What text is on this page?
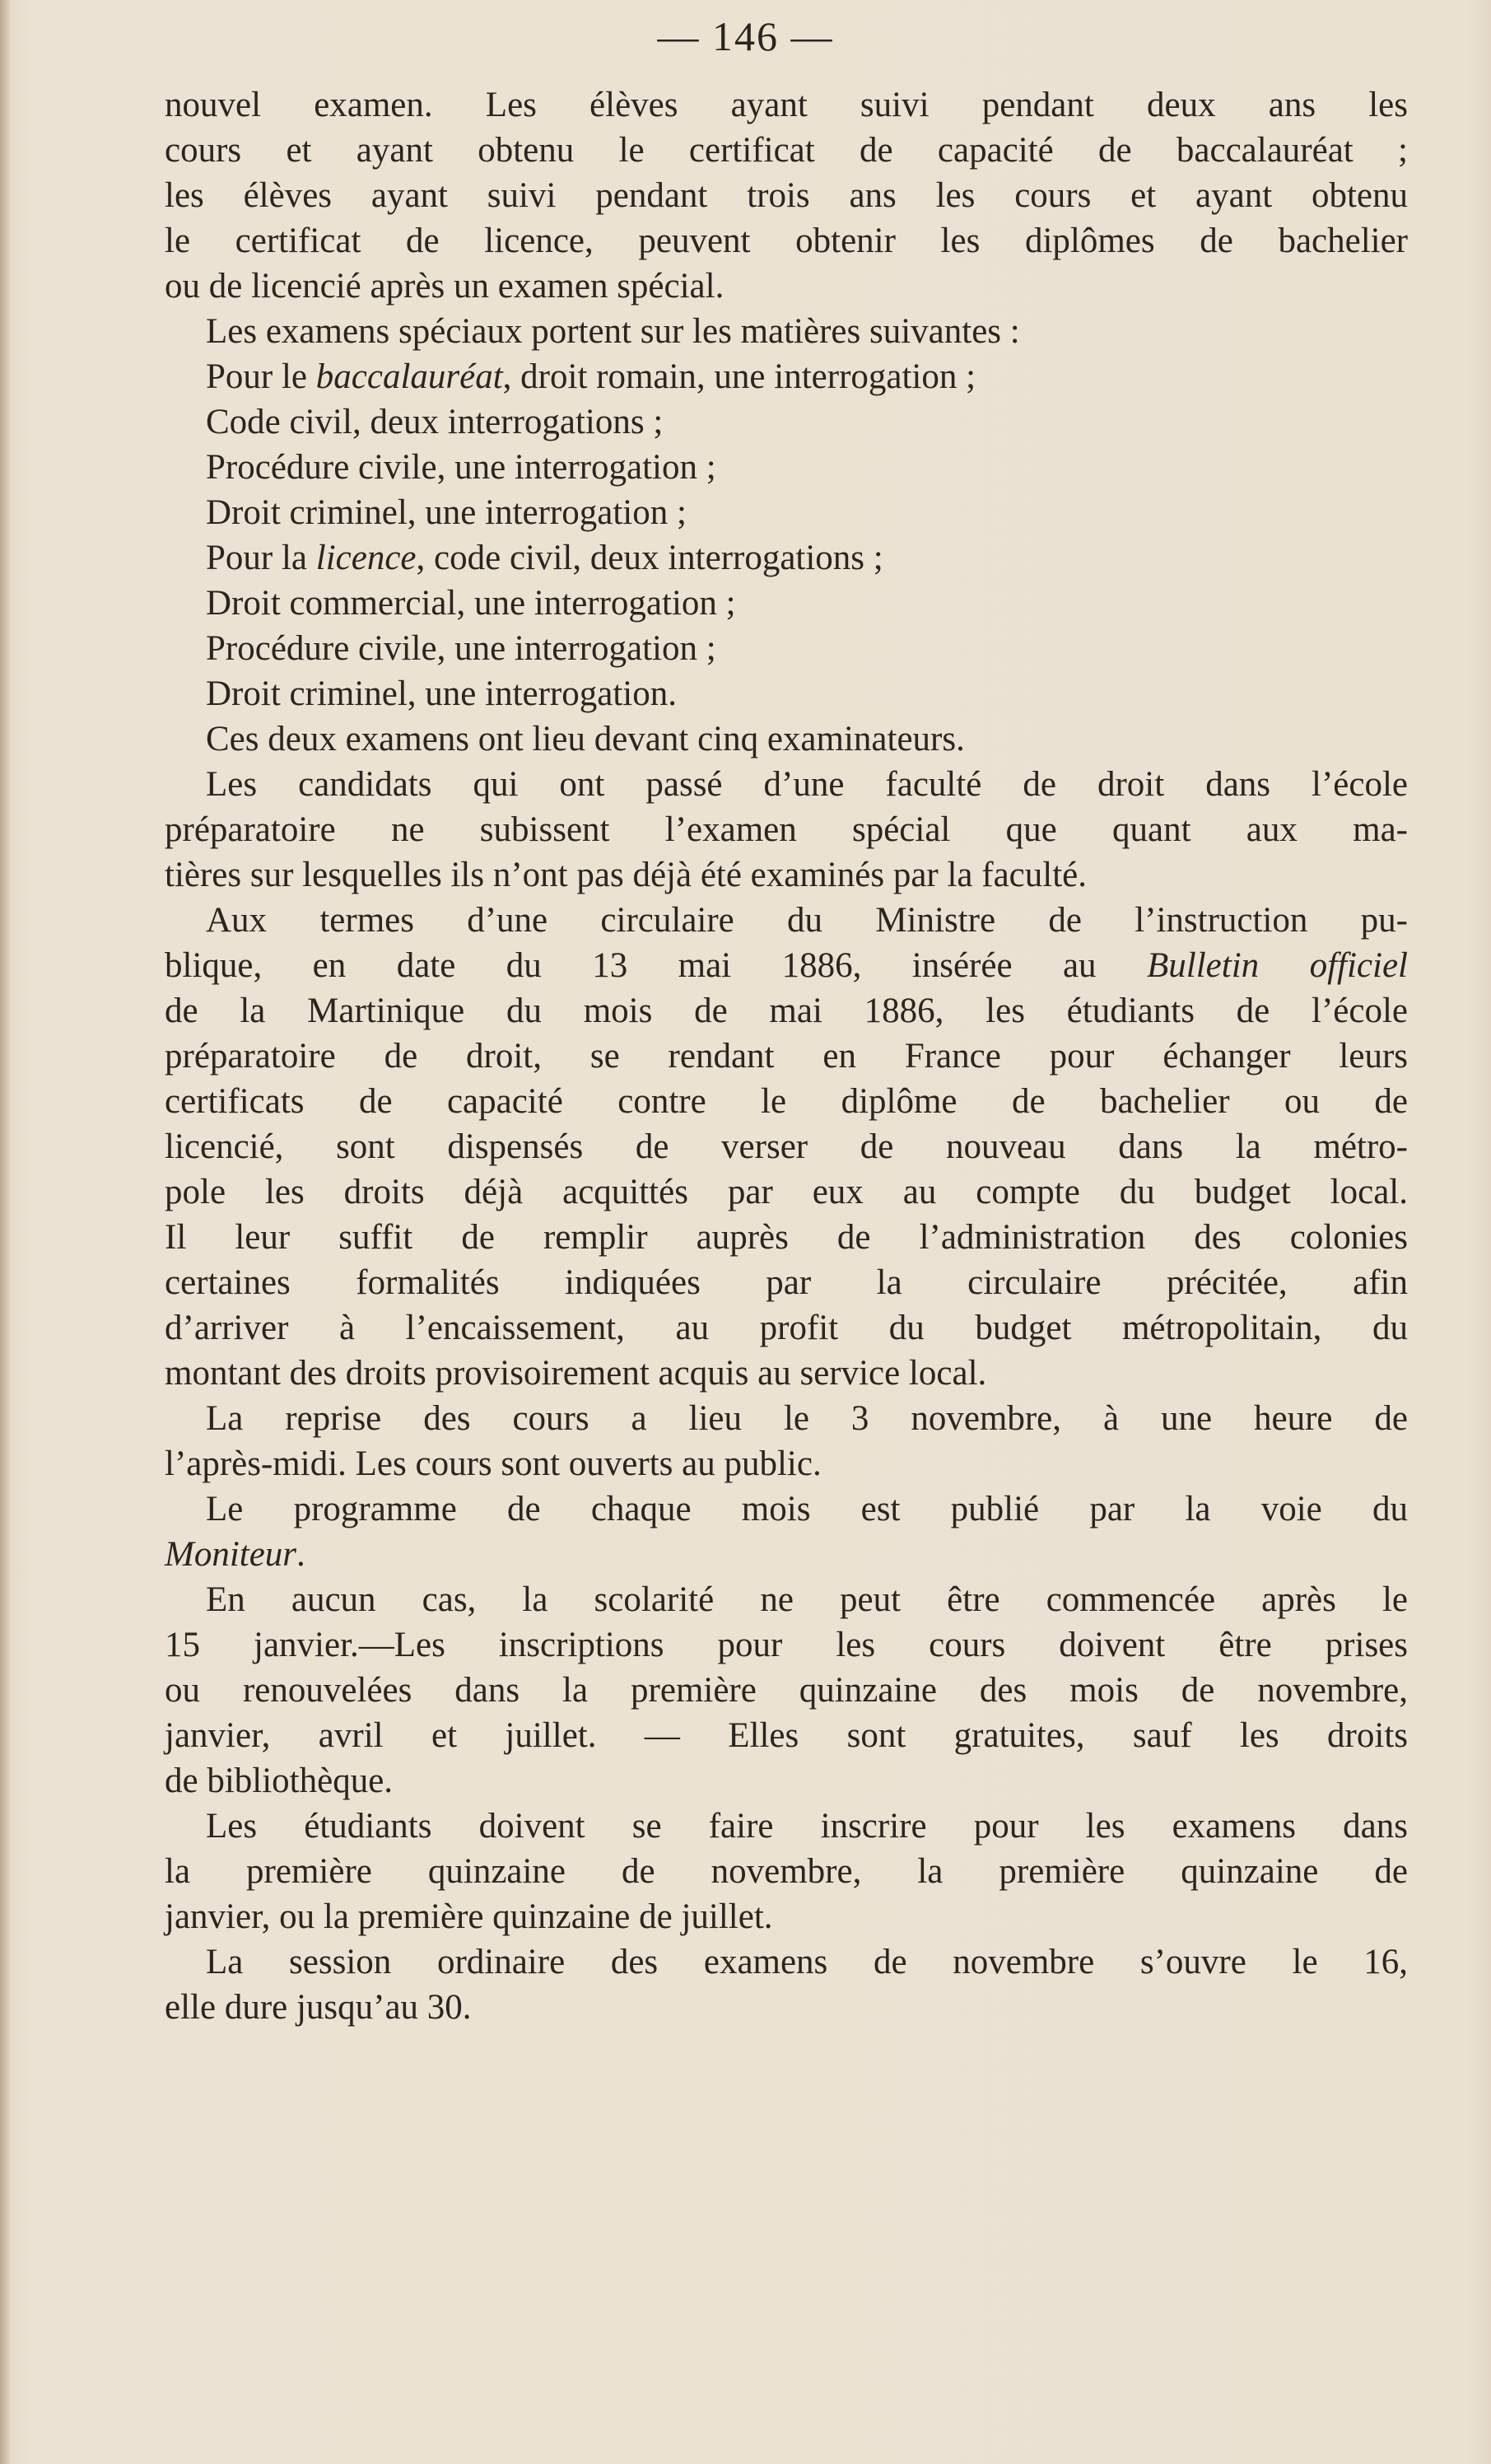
— 146 —
nouvel examen. Les élèves ayant suivi pendant deux ans les
cours et ayant obtenu le certificat de capacité de baccalauréat ;
les élèves ayant suivi pendant trois ans les cours et ayant obtenu
le certificat de licence, peuvent obtenir les diplômes de bachelier
ou de licencié après un examen spécial.
Les examens spéciaux portent sur les matières suivantes :
Pour le baccalauréat, droit romain, une interrogation ;
Code civil, deux interrogations ;
Procédure civile, une interrogation ;
Droit criminel, une interrogation ;
Pour la licence, code civil, deux interrogations ;
Droit commercial, une interrogation ;
Procédure civile, une interrogation ;
Droit criminel, une interrogation.
Ces deux examens ont lieu devant cinq examinateurs.
Les candidats qui ont passé d’une faculté de droit dans l’école
préparatoire ne subissent l’examen spécial que quant aux ma-
tières sur lesquelles ils n’ont pas déjà été examinés par la faculté.
Aux termes d’une circulaire du Ministre de l’instruction pu-
blique, en date du 13 mai 1886, insérée au Bulletin officiel
de la Martinique du mois de mai 1886, les étudiants de l’école
préparatoire de droit, se rendant en France pour échanger leurs
certificats de capacité contre le diplôme de bachelier ou de
licencié, sont dispensés de verser de nouveau dans la métro-
pole les droits déjà acquittés par eux au compte du budget local.
Il leur suffit de remplir auprès de l’administration des colonies
certaines formalités indiquées par la circulaire précitée, afin
d’arriver à l’encaissement, au profit du budget métropolitain, du
montant des droits provisoirement acquis au service local.
La reprise des cours a lieu le 3 novembre, à une heure de
l’après-midi. Les cours sont ouverts au public.
Le programme de chaque mois est publié par la voie du
Moniteur.
En aucun cas, la scolarité ne peut être commencée après le
15 janvier.—Les inscriptions pour les cours doivent être prises
ou renouvelées dans la première quinzaine des mois de novembre,
janvier, avril et juillet. — Elles sont gratuites, sauf les droits
de bibliothèque.
Les étudiants doivent se faire inscrire pour les examens dans
la première quinzaine de novembre, la première quinzaine de
janvier, ou la première quinzaine de juillet.
La session ordinaire des examens de novembre s’ouvre le 16,
elle dure jusqu’au 30.
